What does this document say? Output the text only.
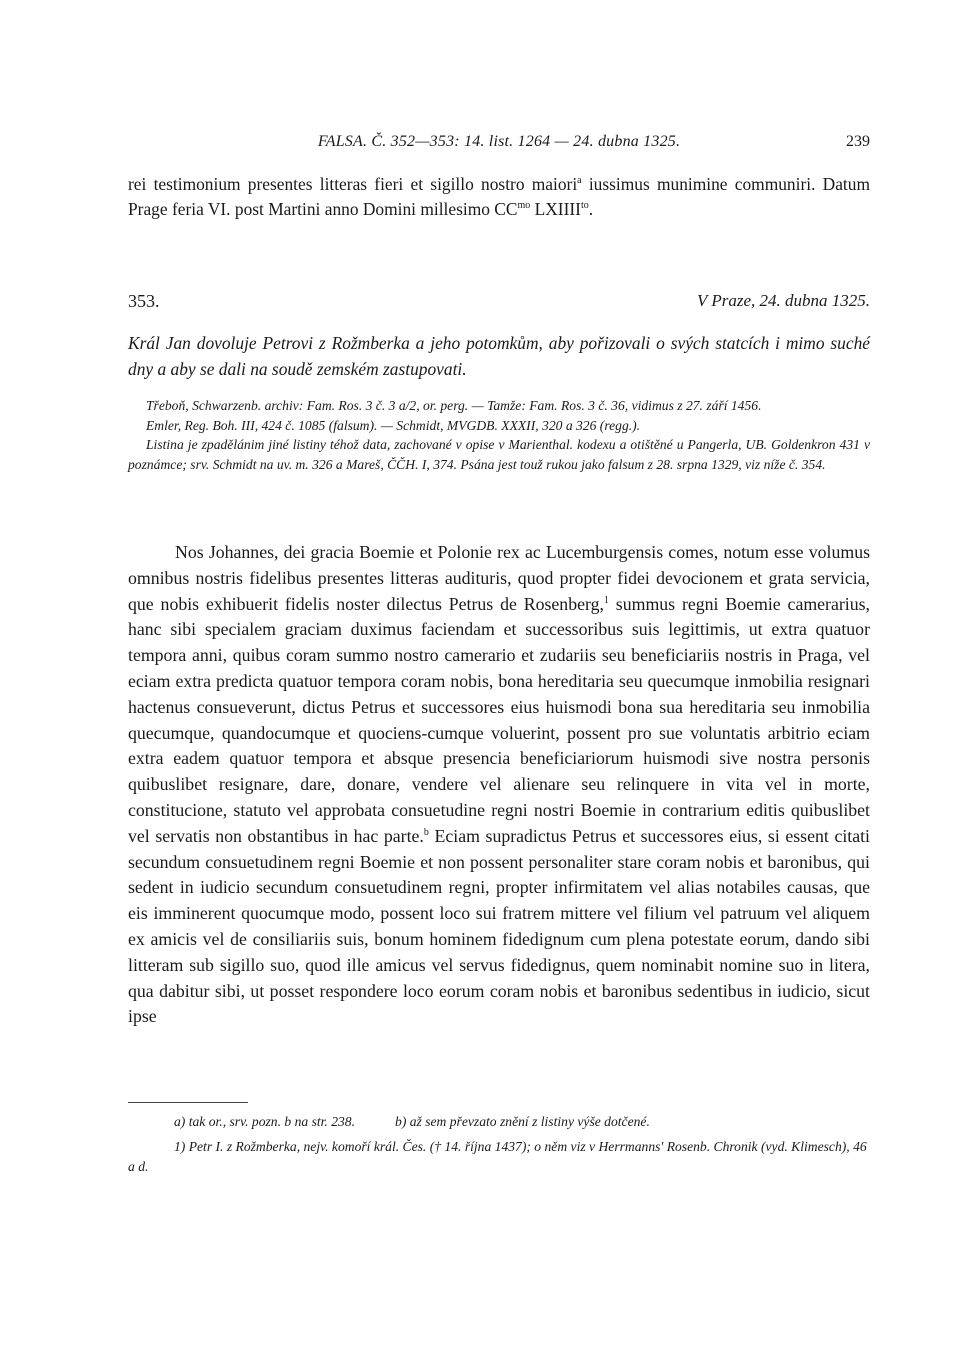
FALSA. Č. 352—353: 14. list. 1264 — 24. dubna 1325.	239

rei testimonium presentes litteras fieri et sigillo nostro maiori$^a$ iussimus munimine communiri. Datum Prage feria VI. post Martini anno Domini millesimo $CC^{mo}$ $LXIIII^{to}$.

353.	V Praze, 24. dubna 1325.

Král Jan dovoluje Petrovi z Rožmberka a jeho potomkům, aby pořizovali o svých statcích i mimo suché dny a aby se dali na soudě zemském zastupovati.

Třeboň, Schwarzenb. archiv: Fam. Ros. 3 č. 3 a/2, or. perg. — Tamže: Fam. Ros. 3 č. 36, vidimus z 27. září 1456.

Emler, Reg. Boh. III, 424 č. 1085 (falsum). — Schmidt, MVGDB. XXXII, 320 a 326 (regg.).

Listina je zpadělánim jiné listiny téhož data, zachované v opise v Marienthal. kodexu a otištěné u Pangerla, UB. Goldenkron 431 v poznámce; srv. Schmidt na uv. m. 326 a Mareš, ČČH. I, 374. Psána jest touž rukou jako falsum z 28. srpna 1329, viz níže č. 354.

Nos Johannes, dei gracia Boemie et Polonie rex ac Lucemburgensis comes, notum esse volumus omnibus nostris fidelibus presentes litteras audituris, quod propter fidei devocionem et grata servicia, que nobis exhibuerit fidelis noster dilectus Petrus de Rosenberg,$^1$ summus regni Boemie camerarius, hanc sibi specialem graciam duximus faciendam et successoribus suis legittimis, ut extra quatuor tempora anni, quibus coram summo nostro camerario et zudariis seu beneficiariis nostris in Praga, vel eciam extra predicta quatuor tempora coram nobis, bona hereditaria seu quecumque inmobilia resignari hactenus consueverunt, dictus Petrus et successores eius huismodi bona sua hereditaria seu inmobilia quecumque, quandocumque et quociens-cumque voluerint, possent pro sue voluntatis arbitrio eciam extra eadem quatuor tempora et absque presencia beneficiariorum huismodi sive nostra personis quibuslibet resignare, dare, donare, vendere vel alienare seu relinquere in vita vel in morte, constitucione, statuto vel approbata consuetudine regni nostri Boemie in contrarium editis quibuslibet vel servatis non obstantibus in hac parte.$^b$ Eciam supradictus Petrus et successores eius, si essent citati secundum consuetudinem regni Boemie et non possent personaliter stare coram nobis et baronibus, qui sedent in iudicio secundum consuetudinem regni, propter infirmitatem vel alias notabiles causas, que eis imminerent quocumque modo, possent loco sui fratrem mittere vel filium vel patruum vel aliquem ex amicis vel de consiliariis suis, bonum hominem fidedignum cum plena potestate eorum, dando sibi litteram sub sigillo suo, quod ille amicus vel servus fidedignus, quem nominabit nomine suo in litera, qua dabitur sibi, ut posset respondere loco eorum coram nobis et baronibus sedentibus in iudicio, sicut ipse

a) tak or., srv. pozn. b na str. 238.	b) až sem převzato znění z listiny výše dotčené.

1) Petr I. z Rožmberka, nejv. komoří král. Čes. († 14. října 1437); o něm viz v Herrmanns' Rosenb. Chronik (vyd. Klimesch), 46 a d.
